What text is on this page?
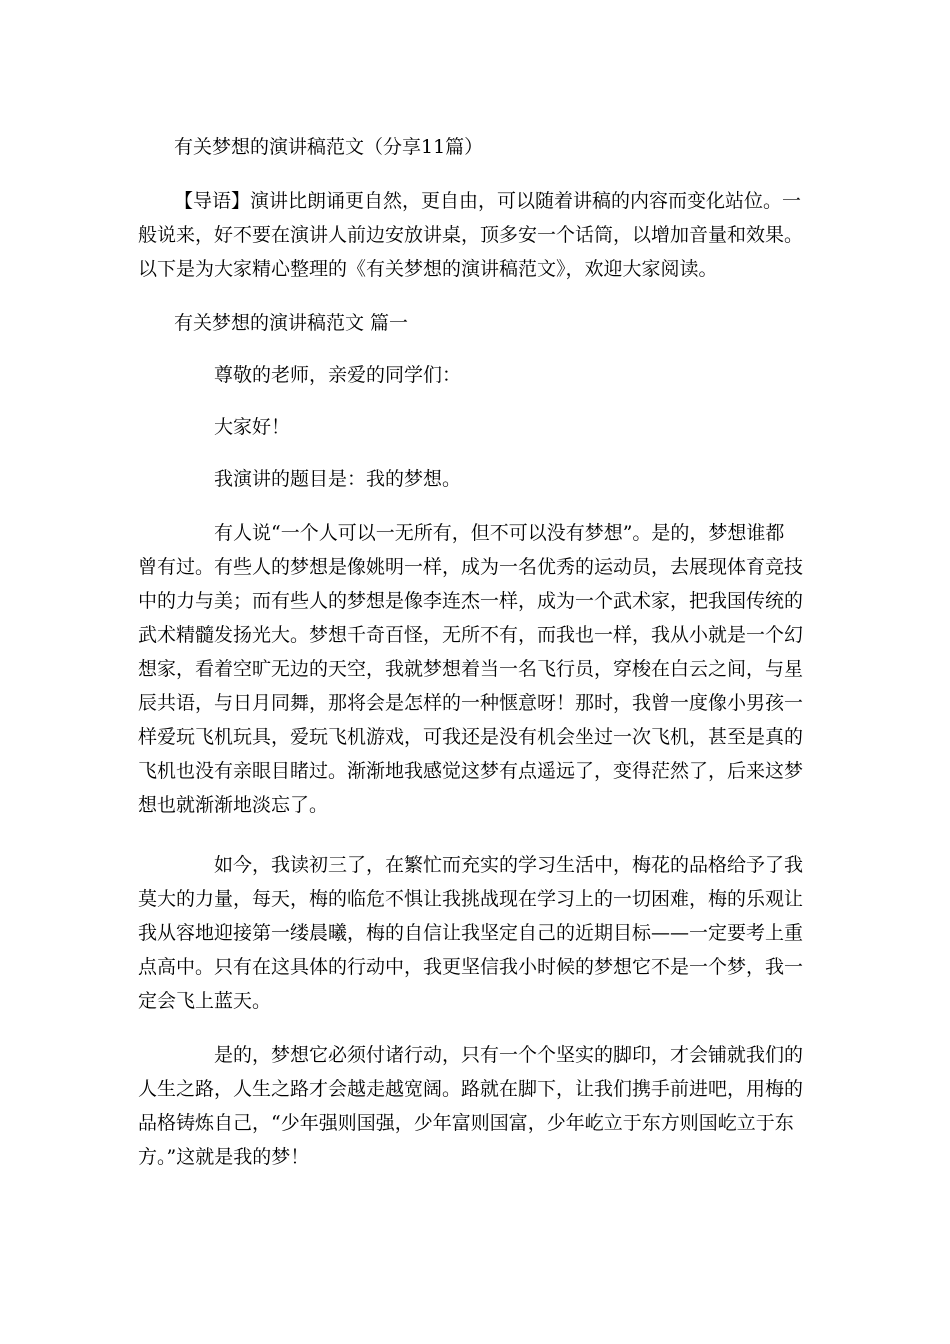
有关梦想的演讲稿范文（分享11篇）
【导语】演讲比朗诵更自然，更自由，可以随着讲稿的内容而变化站位。一
般说来，好不要在演讲人前边安放讲桌，顶多安一个话筒，以增加音量和效果。
以下是为大家精心整理的《有关梦想的演讲稿范文》，欢迎大家阅读。
有关梦想的演讲稿范文 篇一
尊敬的老师，亲爱的同学们：
大家好！
我演讲的题目是：我的梦想。
有人说“一个人可以一无所有，但不可以没有梦想”。是的，梦想谁都
曾有过。有些人的梦想是像姚明一样，成为一名优秀的运动员，去展现体育竞技
中的力与美；而有些人的梦想是像李连杰一样，成为一个武术家，把我国传统的
武术精髓发扬光大。梦想千奇百怪，无所不有，而我也一样，我从小就是一个幻
想家，看着空旷无边的天空，我就梦想着当一名飞行员，穿梭在白云之间，与星
辰共语，与日月同舞，那将会是怎样的一种惬意呀！那时，我曾一度像小男孩一
样爱玩飞机玩具，爱玩飞机游戏，可我还是没有机会坐过一次飞机，甚至是真的
飞机也没有亲眼目睹过。渐渐地我感觉这梦有点遥远了，变得茫然了，后来这梦
想也就渐渐地淡忘了。
如今，我读初三了，在繁忙而充实的学习生活中，梅花的品格给予了我
莫大的力量，每天，梅的临危不惧让我挑战现在学习上的一切困难，梅的乐观让
我从容地迎接第一缕晨曦，梅的自信让我坚定自己的近期目标——一定要考上重
点高中。只有在这具体的行动中，我更坚信我小时候的梦想它不是一个梦，我一
定会飞上蓝天。
是的，梦想它必须付诸行动，只有一个个坚实的脚印，才会铺就我们的
人生之路，人生之路才会越走越宽阔。路就在脚下，让我们携手前进吧，用梅的
品格铸炼自己，“少年强则国强，少年富则国富，少年屹立于东方则国屹立于东
方。”这就是我的梦！
